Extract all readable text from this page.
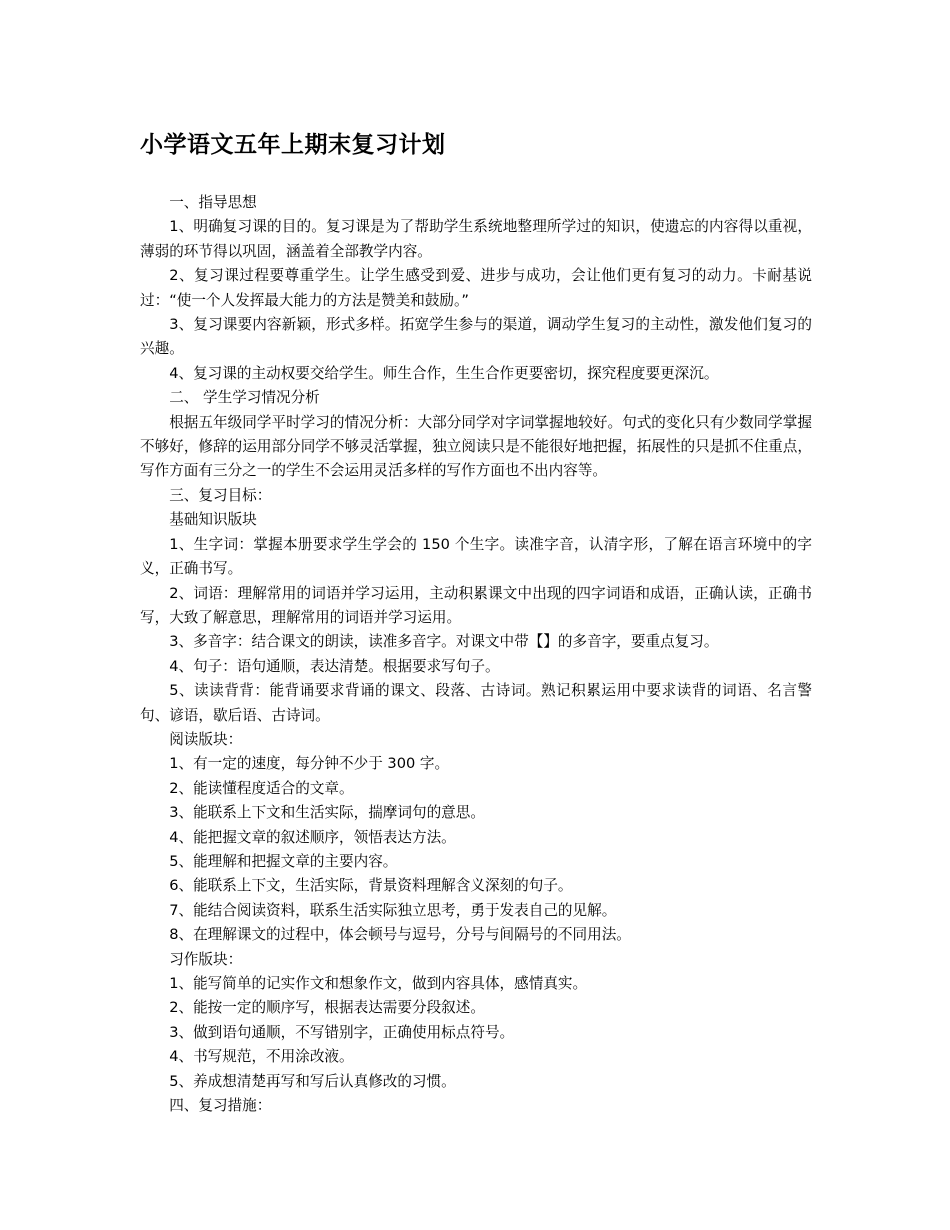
小学语文五年上期末复习计划

一、指导思想

1、明确复习课的目的。复习课是为了帮助学生系统地整理所学过的知识，使遗忘的内容得以重视，薄弱的环节得以巩固，涵盖着全部教学内容。

2、复习课过程要尊重学生。让学生感受到爱、进步与成功，会让他们更有复习的动力。卡耐基说过：“使一个人发挥最大能力的方法是赞美和鼓励。”

3、复习课要内容新颖，形式多样。拓宽学生参与的渠道，调动学生复习的主动性，激发他们复习的兴趣。

4、复习课的主动权要交给学生。师生合作，生生合作更要密切，探究程度要更深沉。

二、 学生学习情况分析

根据五年级同学平时学习的情况分析：大部分同学对字词掌握地较好。句式的变化只有少数同学掌握不够好，修辞的运用部分同学不够灵活掌握，独立阅读只是不能很好地把握，拓展性的只是抓不住重点，写作方面有三分之一的学生不会运用灵活多样的写作方面也不出内容等。

三、复习目标：

基础知识版块

1、生字词：掌握本册要求学生学会的 150 个生字。读准字音，认清字形，了解在语言环境中的字义，正确书写。

2、词语：理解常用的词语并学习运用，主动积累课文中出现的四字词语和成语，正确认读，正确书写，大致了解意思，理解常用的词语并学习运用。

3、多音字：结合课文的朗读，读准多音字。对课文中带【】的多音字，要重点复习。

4、句子：语句通顺，表达清楚。根据要求写句子。

5、读读背背：能背诵要求背诵的课文、段落、古诗词。熟记积累运用中要求读背的词语、名言警句、谚语，歇后语、古诗词。

阅读版块：

1、有一定的速度，每分钟不少于 300 字。

2、能读懂程度适合的文章。

3、能联系上下文和生活实际，揣摩词句的意思。

4、能把握文章的叙述顺序，领悟表达方法。

5、能理解和把握文章的主要内容。

6、能联系上下文，生活实际，背景资料理解含义深刻的句子。

7、能结合阅读资料，联系生活实际独立思考，勇于发表自己的见解。

8、在理解课文的过程中，体会顿号与逗号，分号与间隔号的不同用法。

习作版块：

1、能写简单的记实作文和想象作文，做到内容具体，感情真实。

2、能按一定的顺序写，根据表达需要分段叙述。

3、做到语句通顺，不写错别字，正确使用标点符号。

4、书写规范，不用涂改液。

5、养成想清楚再写和写后认真修改的习惯。

四、复习措施：
